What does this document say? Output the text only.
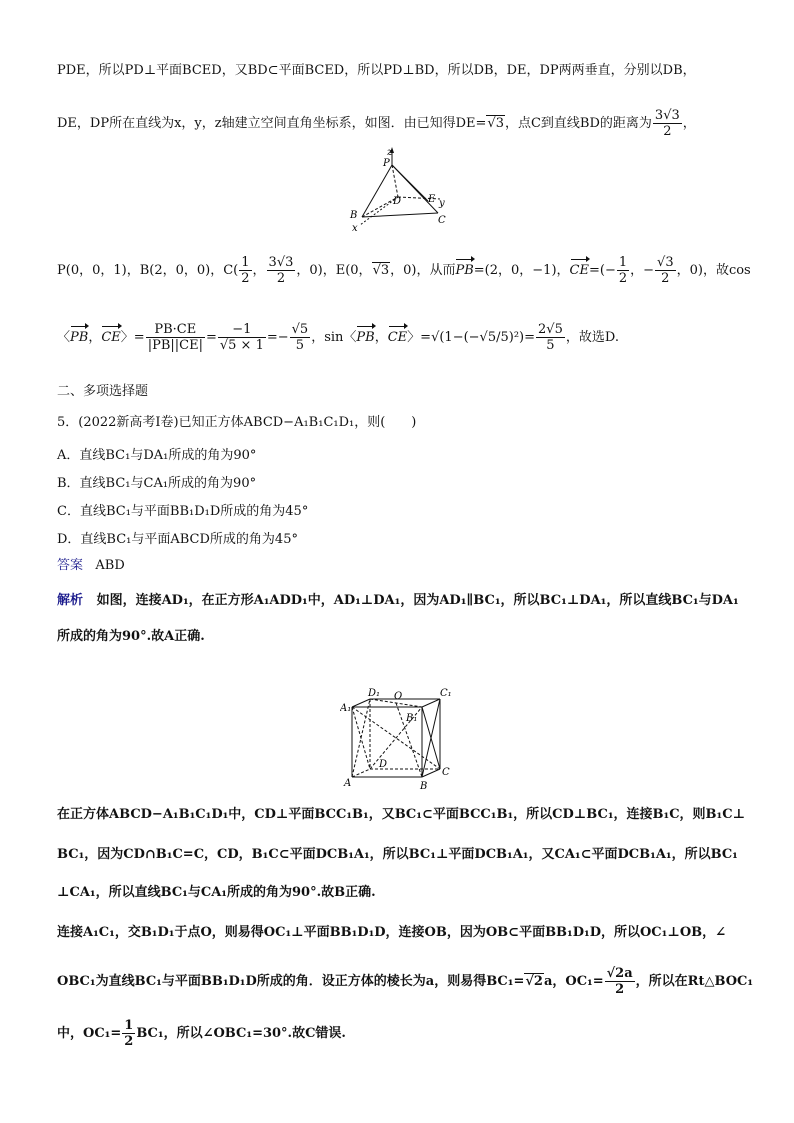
PDE，所以PD⊥平面BCED，又BD⊂平面BCED，所以PD⊥BD，所以DB，DE，DP两两垂直，分别以DB，
DE，DP所在直线为x，y，z轴建立空间直角坐标系，如图．由已知得DE=√3，点C到直线BD的距离为 $\frac{3√3}{2}$ ，
z
P
D	E y
B	C
x
P(0，0，1)，B(2，0，0)，$C( \frac{1}{2}$ ， $\frac{3√3}{2}$ ，0)，E(0，√3，0)，从而PB=(2，0，−1)，$CE=(- \frac{1}{2}$ ，− $\frac{√3}{2}$ ，0)，故cos
〈PB，CE〉= $\frac{PB\cdot CE}{|PB||CE|} = \frac{-1}{√5 \times 1} =- \frac{√5}{5}$ ，sin〈PB，CE〉$=√(1-(-√5/5)^2)= \frac{2√5}{5}$ ，故选D.
二、多项选择题
5．(2022新高考Ⅰ卷)已知正方体ABCD−A₁B₁C₁D₁，则(　　)
A．直线BC₁与DA₁所成的角为90°
B．直线BC₁与CA₁所成的角为90°
C．直线BC₁与平面BB₁D₁D所成的角为45°
D．直线BC₁与平面ABCD所成的角为45°
答案 ABD
解析 如图，连接AD₁，在正方形A₁ADD₁中，AD₁⊥DA₁，因为AD₁∥BC₁，所以BC₁⊥DA₁，所以直线BC₁与DA₁
所成的角为90°.故A正确.
D₁ O	C₁
A₁
B₁
D
A	B
C
在正方体ABCD−A₁B₁C₁D₁中，CD⊥平面BCC₁B₁，又BC₁⊂平面BCC₁B₁，所以CD⊥BC₁，连接B₁C，则B₁C⊥
BC₁，因为CD∩B₁C=C，CD，B₁C⊂平面DCB₁A₁，所以BC₁⊥平面DCB₁A₁，又CA₁⊂平面DCB₁A₁，所以BC₁
⊥CA₁，所以直线BC₁与CA₁所成的角为90°.故B正确.
连接A₁C₁，交B₁D₁于点O，则易得OC₁⊥平面BB₁D₁D，连接OB，因为OB⊂平面BB₁D₁D，所以OC₁⊥OB，∠
OBC₁为直线BC₁与平面BB₁D₁D所成的角．设正方体的棱长为a，则易得BC₁=√2a，$OC_1= \frac{√2a}{2}$ ，所以在Rt△BOC₁
中，$OC_1= \frac{1}{2} BC_1$，所以∠OBC₁=30°.故C错误.
